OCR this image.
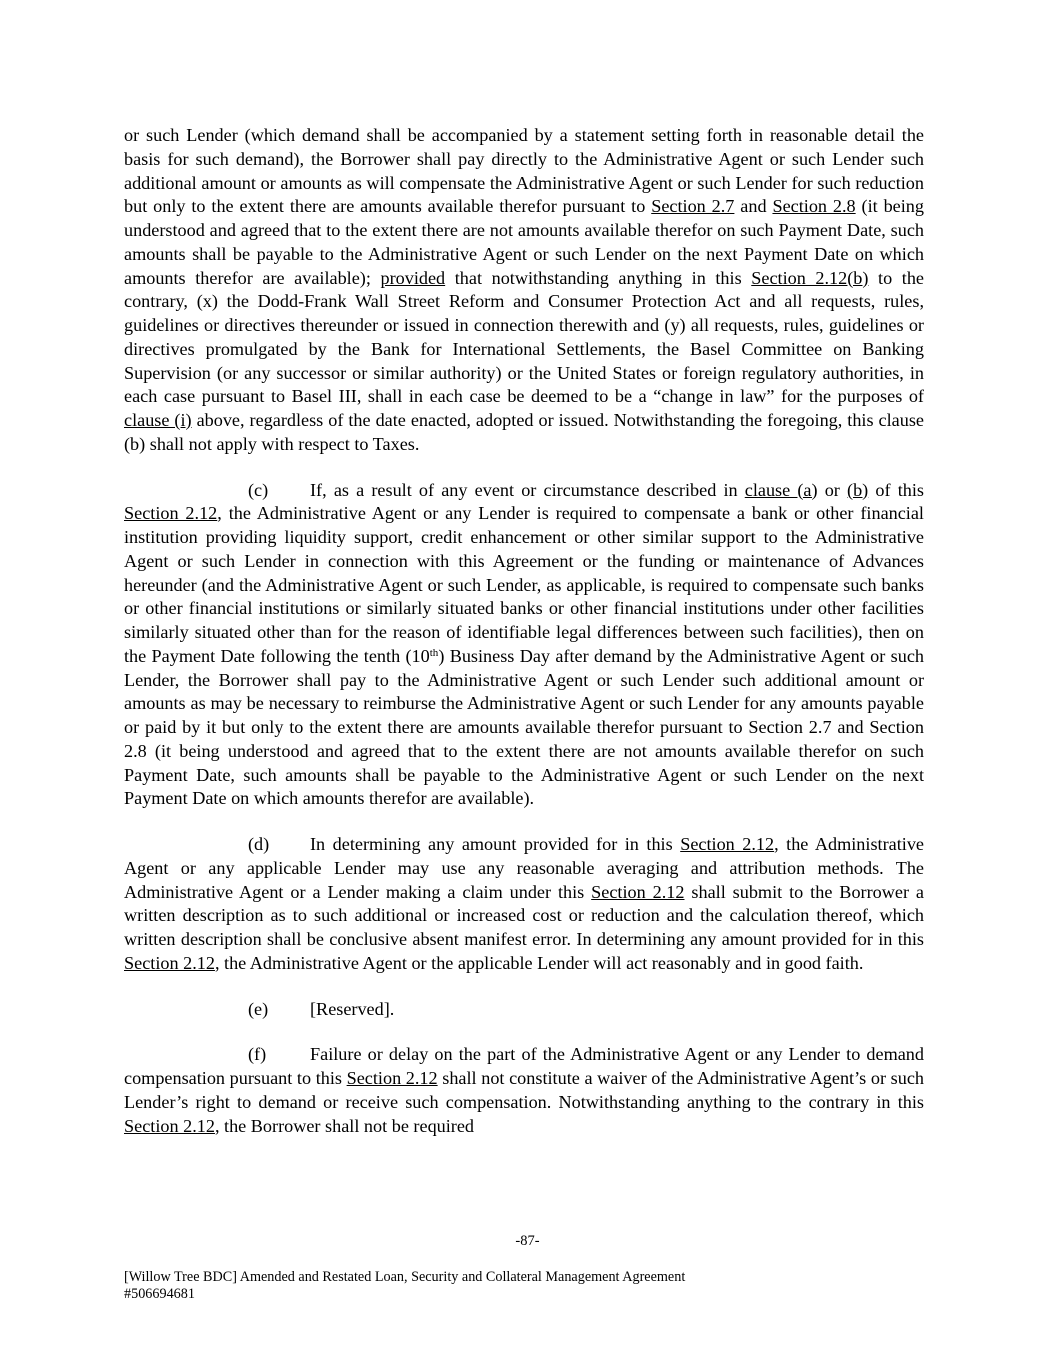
or such Lender (which demand shall be accompanied by a statement setting forth in reasonable detail the basis for such demand), the Borrower shall pay directly to the Administrative Agent or such Lender such additional amount or amounts as will compensate the Administrative Agent or such Lender for such reduction but only to the extent there are amounts available therefor pursuant to Section 2.7 and Section 2.8 (it being understood and agreed that to the extent there are not amounts available therefor on such Payment Date, such amounts shall be payable to the Administrative Agent or such Lender on the next Payment Date on which amounts therefor are available); provided that notwithstanding anything in this Section 2.12(b) to the contrary, (x) the Dodd-Frank Wall Street Reform and Consumer Protection Act and all requests, rules, guidelines or directives thereunder or issued in connection therewith and (y) all requests, rules, guidelines or directives promulgated by the Bank for International Settlements, the Basel Committee on Banking Supervision (or any successor or similar authority) or the United States or foreign regulatory authorities, in each case pursuant to Basel III, shall in each case be deemed to be a “change in law” for the purposes of clause (i) above, regardless of the date enacted, adopted or issued. Notwithstanding the foregoing, this clause (b) shall not apply with respect to Taxes.

(c) If, as a result of any event or circumstance described in clause (a) or (b) of this Section 2.12, the Administrative Agent or any Lender is required to compensate a bank or other financial institution providing liquidity support, credit enhancement or other similar support to the Administrative Agent or such Lender in connection with this Agreement or the funding or maintenance of Advances hereunder (and the Administrative Agent or such Lender, as applicable, is required to compensate such banks or other financial institutions or similarly situated banks or other financial institutions under other facilities similarly situated other than for the reason of identifiable legal differences between such facilities), then on the Payment Date following the tenth (10th) Business Day after demand by the Administrative Agent or such Lender, the Borrower shall pay to the Administrative Agent or such Lender such additional amount or amounts as may be necessary to reimburse the Administrative Agent or such Lender for any amounts payable or paid by it but only to the extent there are amounts available therefor pursuant to Section 2.7 and Section 2.8 (it being understood and agreed that to the extent there are not amounts available therefor on such Payment Date, such amounts shall be payable to the Administrative Agent or such Lender on the next Payment Date on which amounts therefor are available).

(d) In determining any amount provided for in this Section 2.12, the Administrative Agent or any applicable Lender may use any reasonable averaging and attribution methods. The Administrative Agent or a Lender making a claim under this Section 2.12 shall submit to the Borrower a written description as to such additional or increased cost or reduction and the calculation thereof, which written description shall be conclusive absent manifest error. In determining any amount provided for in this Section 2.12, the Administrative Agent or the applicable Lender will act reasonably and in good faith.

(e) [Reserved].

(f) Failure or delay on the part of the Administrative Agent or any Lender to demand compensation pursuant to this Section 2.12 shall not constitute a waiver of the Administrative Agent’s or such Lender’s right to demand or receive such compensation. Notwithstanding anything to the contrary in this Section 2.12, the Borrower shall not be required

-87-
[Willow Tree BDC] Amended and Restated Loan, Security and Collateral Management Agreement
#506694681
